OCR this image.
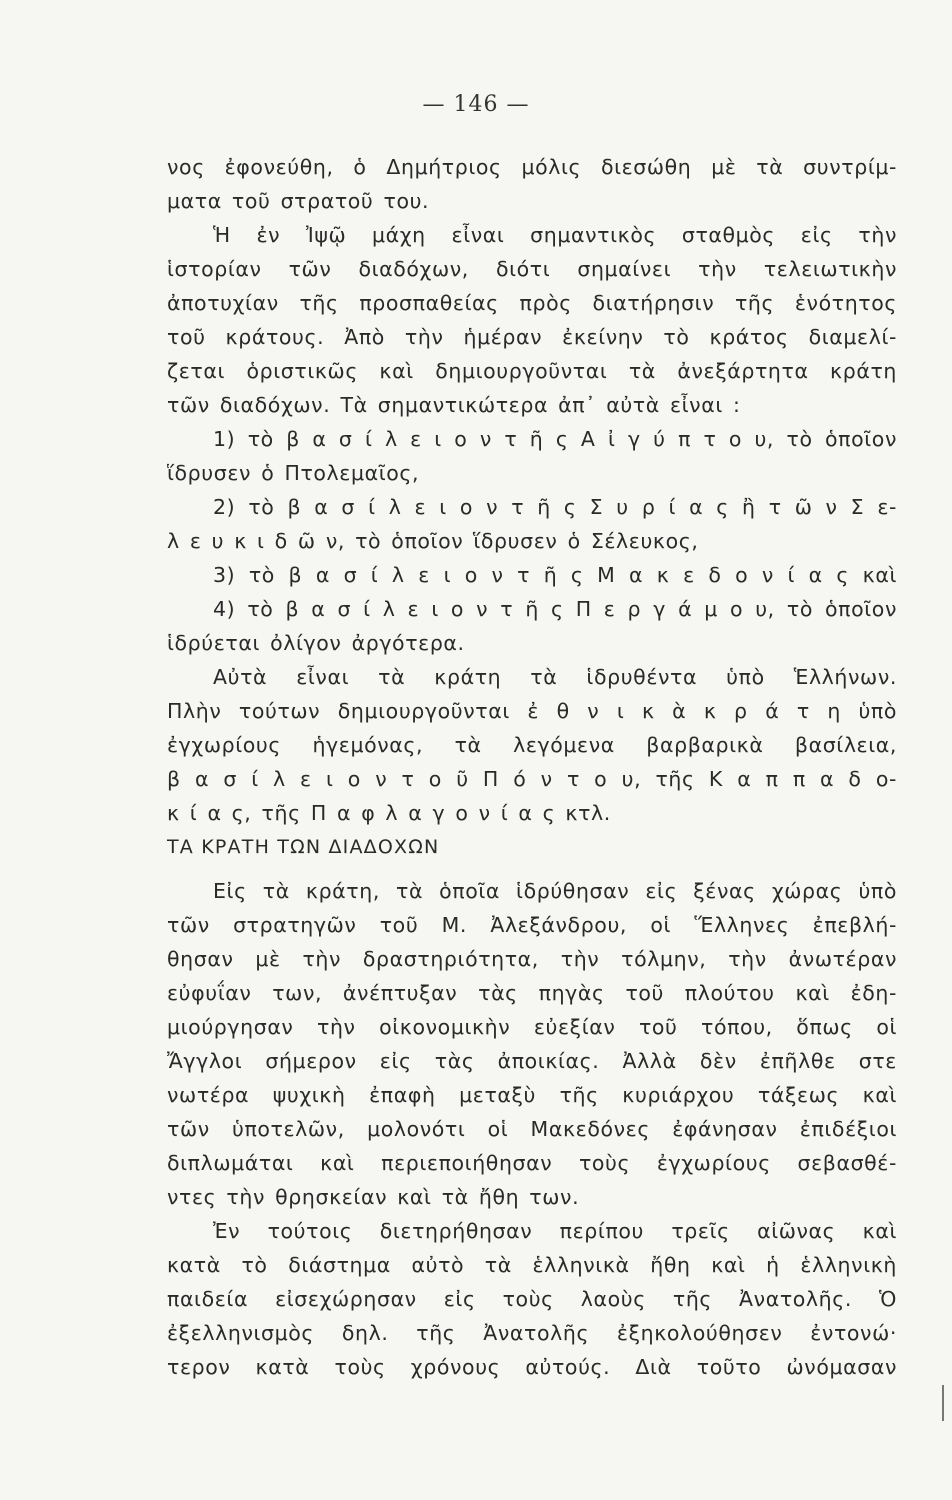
— 146 —
νος ἐφονεύθη, ὁ Δημήτριος μόλις διεσώθη μὲ τὰ συντρίμ-
ματα τοῦ στρατοῦ του.
Ἡ ἐν Ἰψῷ μάχη εἶναι σημαντικὸς σταθμὸς εἰς τὴν
ἱστορίαν τῶν διαδόχων, διότι σημαίνει τὴν τελειωτικὴν
ἀποτυχίαν τῆς προσπαθείας πρὸς διατήρησιν τῆς ἑνότητος
τοῦ κράτους. Ἀπὸ τὴν ἡμέραν ἐκείνην τὸ κράτος διαμελί-
ζεται ὁριστικῶς καὶ δημιουργοῦνται τὰ ἀνεξάρτητα κράτη
τῶν διαδόχων. Τὰ σημαντικώτερα ἀπ᾿ αὐτὰ εἶναι :
1) τὸ β α σ ί λ ε ι ο ν τ ῆ ς Α ἰ γ ύ π τ ο υ, τὸ ὁποῖον
ἵδρυσεν ὁ Πτολεμαῖος,
2) τὸ β α σ ί λ ε ι ο ν τ ῆ ς Σ υ ρ ί α ς ἢ τ ῶ ν Σ ε-
λ ε υ κ ι δ ῶ ν, τὸ ὁποῖον ἵδρυσεν ὁ Σέλευκος,
3) τὸ β α σ ί λ ε ι ο ν τ ῆ ς Μ α κ ε δ ο ν ί α ς καὶ
4) τὸ β α σ ί λ ε ι ο ν τ ῆ ς Π ε ρ γ ά μ ο υ, τὸ ὁποῖον
ἱδρύεται ὀλίγον ἀργότερα.
Αὐτὰ εἶναι τὰ κράτη τὰ ἱδρυθέντα ὑπὸ Ἑλλήνων.
Πλὴν τούτων δημιουργοῦνται ἐ θ ν ι κ ὰ κ ρ ά τ η ὑπὸ
ἐγχωρίους ἡγεμόνας, τὰ λεγόμενα βαρβαρικὰ βασίλεια,
β α σ ί λ ε ι ο ν τ ο ῦ Π ό ν τ ο υ, τῆς Κ α π π α δ ο-
κ ί α ς, τῆς Π α φ λ α γ ο ν ί α ς κτλ.
ΤΑ ΚΡΑΤΗ ΤΩΝ ΔΙΑΔΟΧΩΝ
Εἰς τὰ κράτη, τὰ ὁποῖα ἱδρύθησαν εἰς ξένας χώρας ὑπὸ
τῶν στρατηγῶν τοῦ Μ. Ἀλεξάνδρου, οἱ Ἕλληνες ἐπεβλή-
θησαν μὲ τὴν δραστηριότητα, τὴν τόλμην, τὴν ἀνωτέραν
εὐφυΐαν των, ἀνέπτυξαν τὰς πηγὰς τοῦ πλούτου καὶ ἐδη-
μιούργησαν τὴν οἰκονομικὴν εὐεξίαν τοῦ τόπου, ὅπως οἱ
Ἄγγλοι σήμερον εἰς τὰς ἀποικίας. Ἀλλὰ δὲν ἐπῆλθε στε
νωτέρα ψυχικὴ ἐπαφὴ μεταξὺ τῆς κυριάρχου τάξεως καὶ
τῶν ὑποτελῶν, μολονότι οἱ Μακεδόνες ἐφάνησαν ἐπιδέξιοι
διπλωμάται καὶ περιεποιήθησαν τοὺς ἐγχωρίους σεβασθέ-
ντες τὴν θρησκείαν καὶ τὰ ἤθη των.
Ἐν τούτοις διετηρήθησαν περίπου τρεῖς αἰῶνας καὶ
κατὰ τὸ διάστημα αὐτὸ τὰ ἑλληνικὰ ἤθη καὶ ἡ ἑλληνικὴ
παιδεία εἰσεχώρησαν εἰς τοὺς λαοὺς τῆς Ἀνατολῆς. Ὁ
ἐξελληνισμὸς δηλ. τῆς Ἀνατολῆς ἐξηκολούθησεν ἐντονώ·
τερον κατὰ τοὺς χρόνους αὐτούς. Διὰ τοῦτο ὠνόμασαν
